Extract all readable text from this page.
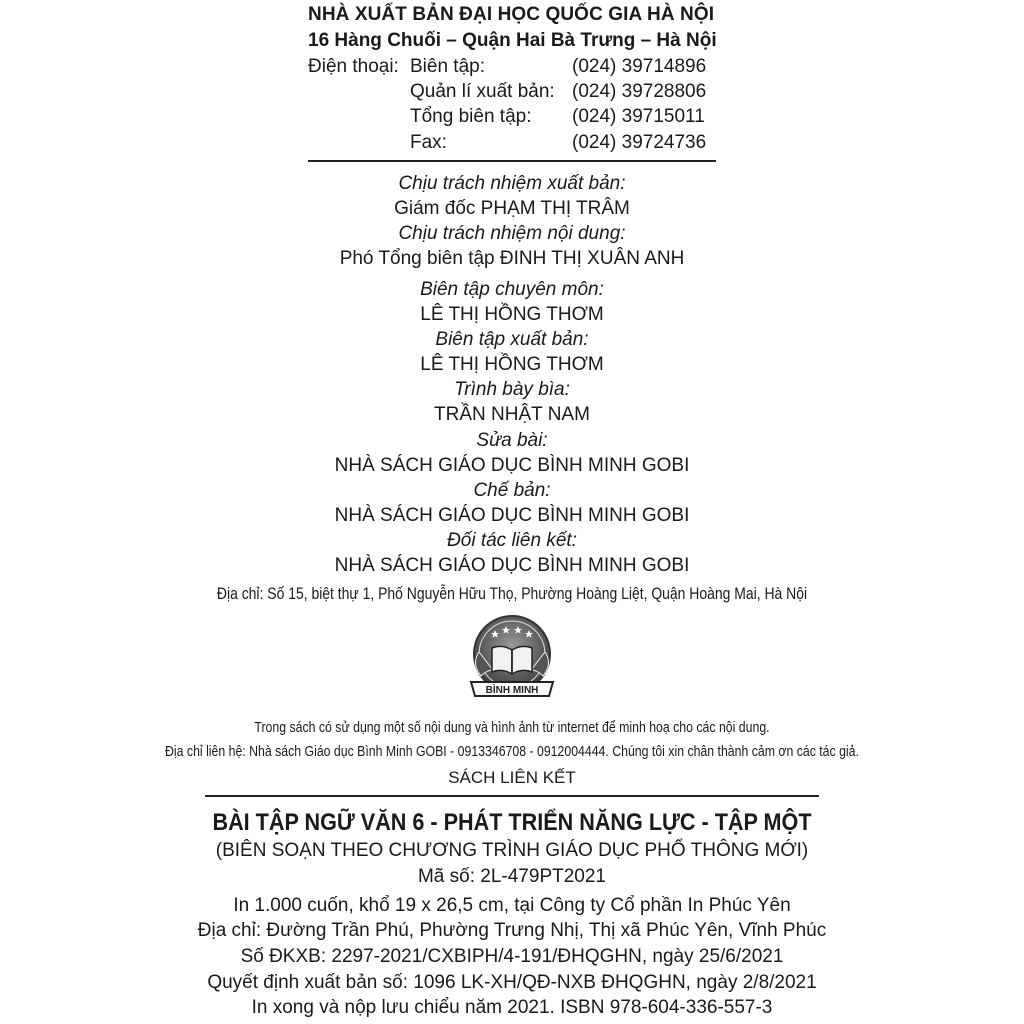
NHÀ XUẤT BẢN ĐẠI HỌC QUỐC GIA HÀ NỘI
16 Hàng Chuối – Quận Hai Bà Trưng – Hà Nội
Điện thoại: Biên tập:	(024) 39714896
Quản lí xuất bản: (024) 39728806
Tổng biên tập: (024) 39715011
Fax:	(024) 39724736
Chịu trách nhiệm xuất bản:
Giám đốc PHẠM THỊ TRÂM
Chịu trách nhiệm nội dung:
Phó Tổng biên tập ĐINH THỊ XUÂN ANH
Biên tập chuyên môn:
LÊ THỊ HỒNG THƠM
Biên tập xuất bản:
LÊ THỊ HỒNG THƠM
Trình bày bìa:
TRẦN NHẬT NAM
Sửa bài:
NHÀ SÁCH GIÁO DỤC BÌNH MINH GOBI
Chế bản:
NHÀ SÁCH GIÁO DỤC BÌNH MINH GOBI
Đối tác liên kết:
NHÀ SÁCH GIÁO DỤC BÌNH MINH GOBI
Địa chỉ: Số 15, biệt thự 1, Phố Nguyễn Hữu Thọ, Phường Hoàng Liệt, Quận Hoàng Mai, Hà Nội
BÌNH MINH
Trong sách có sử dụng một số nội dung và hình ảnh từ internet để minh hoạ cho các nội dung.
Địa chỉ liên hệ: Nhà sách Giáo dục Bình Minh GOBI - 0913346708 - 0912004444. Chúng tôi xin chân thành cảm ơn các tác giả.
SÁCH LIÊN KẾT
BÀI TẬP NGỮ VĂN 6 - PHÁT TRIỂN NĂNG LỰC - TẬP MỘT
(BIÊN SOẠN THEO CHƯƠNG TRÌNH GIÁO DỤC PHỔ THÔNG MỚI)
Mã số: 2L-479PT2021
In 1.000 cuốn, khổ 19 x 26,5 cm, tại Công ty Cổ phần In Phúc Yên
Địa chỉ: Đường Trần Phú, Phường Trưng Nhị, Thị xã Phúc Yên, Vĩnh Phúc
Số ĐKXB: 2297-2021/CXBIPH/4-191/ĐHQGHN, ngày 25/6/2021
Quyết định xuất bản số: 1096 LK-XH/QĐ-NXB ĐHQGHN, ngày 2/8/2021
In xong và nộp lưu chiểu năm 2021. ISBN 978-604-336-557-3
